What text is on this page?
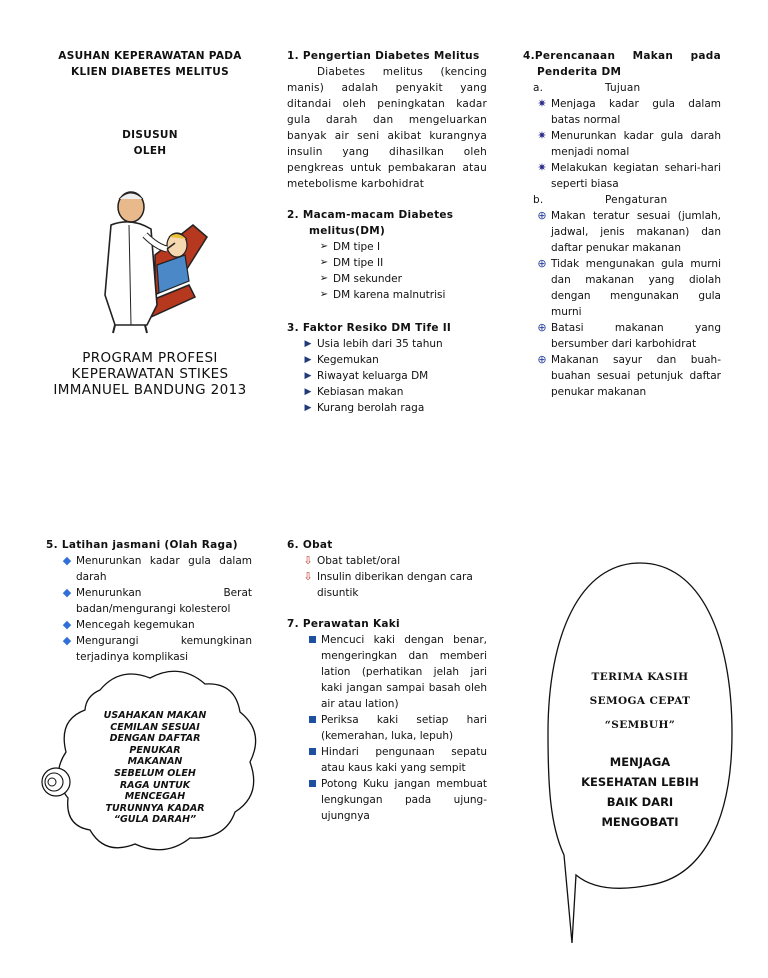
ASUHAN KEPERAWATAN PADA
KLIEN DIABETES MELITUS
DISUSUN
OLEH
PROGRAM PROFESI
KEPERAWATAN STIKES
IMMANUEL BANDUNG 2013
1. Pengertian Diabetes Melitus
Diabetes melitus (kencing manis) adalah penyakit yang ditandai oleh peningkatan kadar gula darah dan mengeluarkan banyak air seni akibat kurangnya insulin yang dihasilkan oleh pengkreas untuk pembakaran atau metebolisme karbohidrat
2. Macam-macam Diabetes
melitus(DM)
➢ DM tipe I
➢ DM tipe II
➢ DM sekunder
➢ DM karena malnutrisi
3. Faktor Resiko DM Tife II
▶ Usia lebih dari 35 tahun
▶ Kegemukan
▶ Riwayat keluarga DM
▶ Kebiasan makan
▶ Kurang berolah raga
4.Perencanaan Makan pada
Penderita DM
a.	Tujuan
✷ Menjaga kadar gula dalam batas normal
✷ Menurunkan kadar gula darah menjadi nomal
✷ Melakukan kegiatan sehari-hari seperti biasa
b.	Pengaturan
⊕ Makan teratur sesuai (jumlah, jadwal, jenis makanan) dan daftar penukar makanan
⊕ Tidak mengunakan gula murni dan makanan yang diolah dengan mengunakan gula murni
⊕ Batasi makanan yang bersumber dari karbohidrat
⊕ Makanan sayur dan buah-buahan sesuai petunjuk daftar penukar makanan
5. Latihan jasmani (Olah Raga)
◆ Menurunkan kadar gula dalam darah
◆ Menurunkan Berat badan/mengurangi kolesterol
◆ Mencegah kegemukan
◆ Mengurangi kemungkinan terjadinya komplikasi
USAHAKAN MAKAN
CEMILAN SESUAI
DENGAN DAFTAR
PENUKAR
MAKANAN
SEBELUM OLEH
RAGA UNTUK
MENCEGAH
TURUNNYA KADAR
“GULA DARAH”
6. Obat
⇩ Obat tablet/oral
⇩ Insulin diberikan dengan cara disuntik
7. Perawatan Kaki
Mencuci kaki dengan benar, mengeringkan dan memberi lation (perhatikan jelah jari kaki jangan sampai basah oleh air atau lation)
Periksa kaki setiap hari (kemerahan, luka, lepuh)
Hindari pengunaan sepatu atau kaus kaki yang sempit
Potong Kuku jangan membuat lengkungan pada ujung-ujungnya
TERIMA KASIH
SEMOGA CEPAT
“SEMBUH”
MENJAGA
KESEHATAN LEBIH
BAIK DARI
MENGOBATI
